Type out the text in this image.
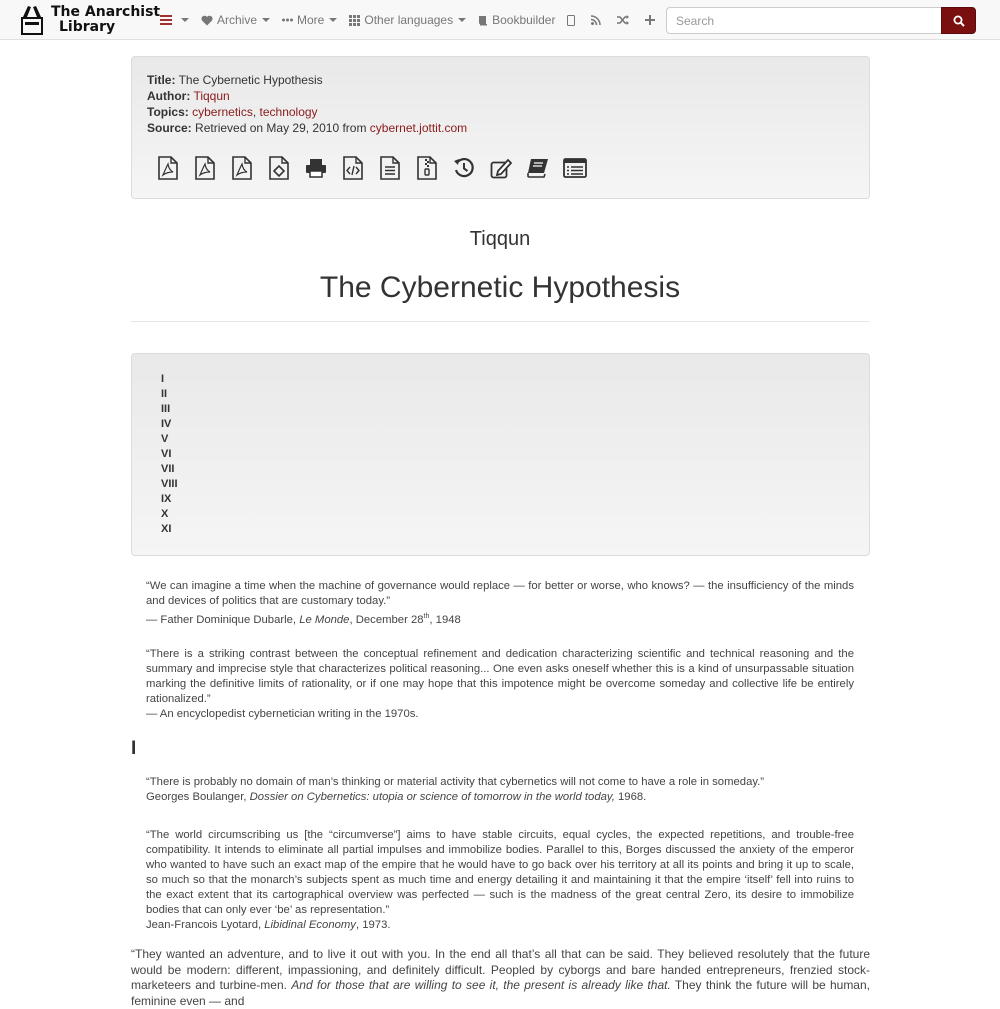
The Anarchist
Library	Archive	More	Other languages	Bookbuilder
Search
Title: The Cybernetic Hypothesis
Author: Tiqqun
Topics: cybernetics, technology
Source: Retrieved on May 29, 2010 from cybernet.jottit.com
Tiqqun
The Cybernetic Hypothesis
I
II
III
IV
V
VI
VII
VIII
IX
X
XI
“We can imagine a time when the machine of governance would replace — for better or worse, who knows? — the insufficiency of the minds and devices of politics that are customary today.”
— Father Dominique Dubarle, Le Monde, December 28th, 1948
“There is a striking contrast between the conceptual refinement and dedication characterizing scientific and technical reasoning and the summary and imprecise style that characterizes political reasoning... One even asks oneself whether this is a kind of unsurpassable situation marking the definitive limits of rationality, or if one may hope that this impotence might be overcome someday and collective life be entirely rationalized.”
— An encyclopedist cybernetician writing in the 1970s.
I
“There is probably no domain of man’s thinking or material activity that cybernetics will not come to have a role in someday.”
Georges Boulanger, Dossier on Cybernetics: utopia or science of tomorrow in the world today, 1968.
“The world circumscribing us [the “circumverse”] aims to have stable circuits, equal cycles, the expected repetitions, and trouble-free compatibility. It intends to eliminate all partial impulses and immobilize bodies. Parallel to this, Borges discussed the anxiety of the emperor who wanted to have such an exact map of the empire that he would have to go back over his territory at all its points and bring it up to scale, so much so that the monarch’s subjects spent as much time and energy detailing it and maintaining it that the empire ‘itself’ fell into ruins to the exact extent that its cartographical overview was perfected — such is the madness of the great central Zero, its desire to immobilize bodies that can only ever ‘be’ as representation.”
Jean-Francois Lyotard, Libidinal Economy, 1973.
“They wanted an adventure, and to live it out with you. In the end all that’s all that can be said. They believed resolutely that the future would be modern: different, impassioning, and definitely difficult. Peopled by cyborgs and bare handed entrepreneurs, frenzied stock-marketeers and turbine-men. And for those that are willing to see it, the present is already like that. They think the future will be human, feminine even — and
